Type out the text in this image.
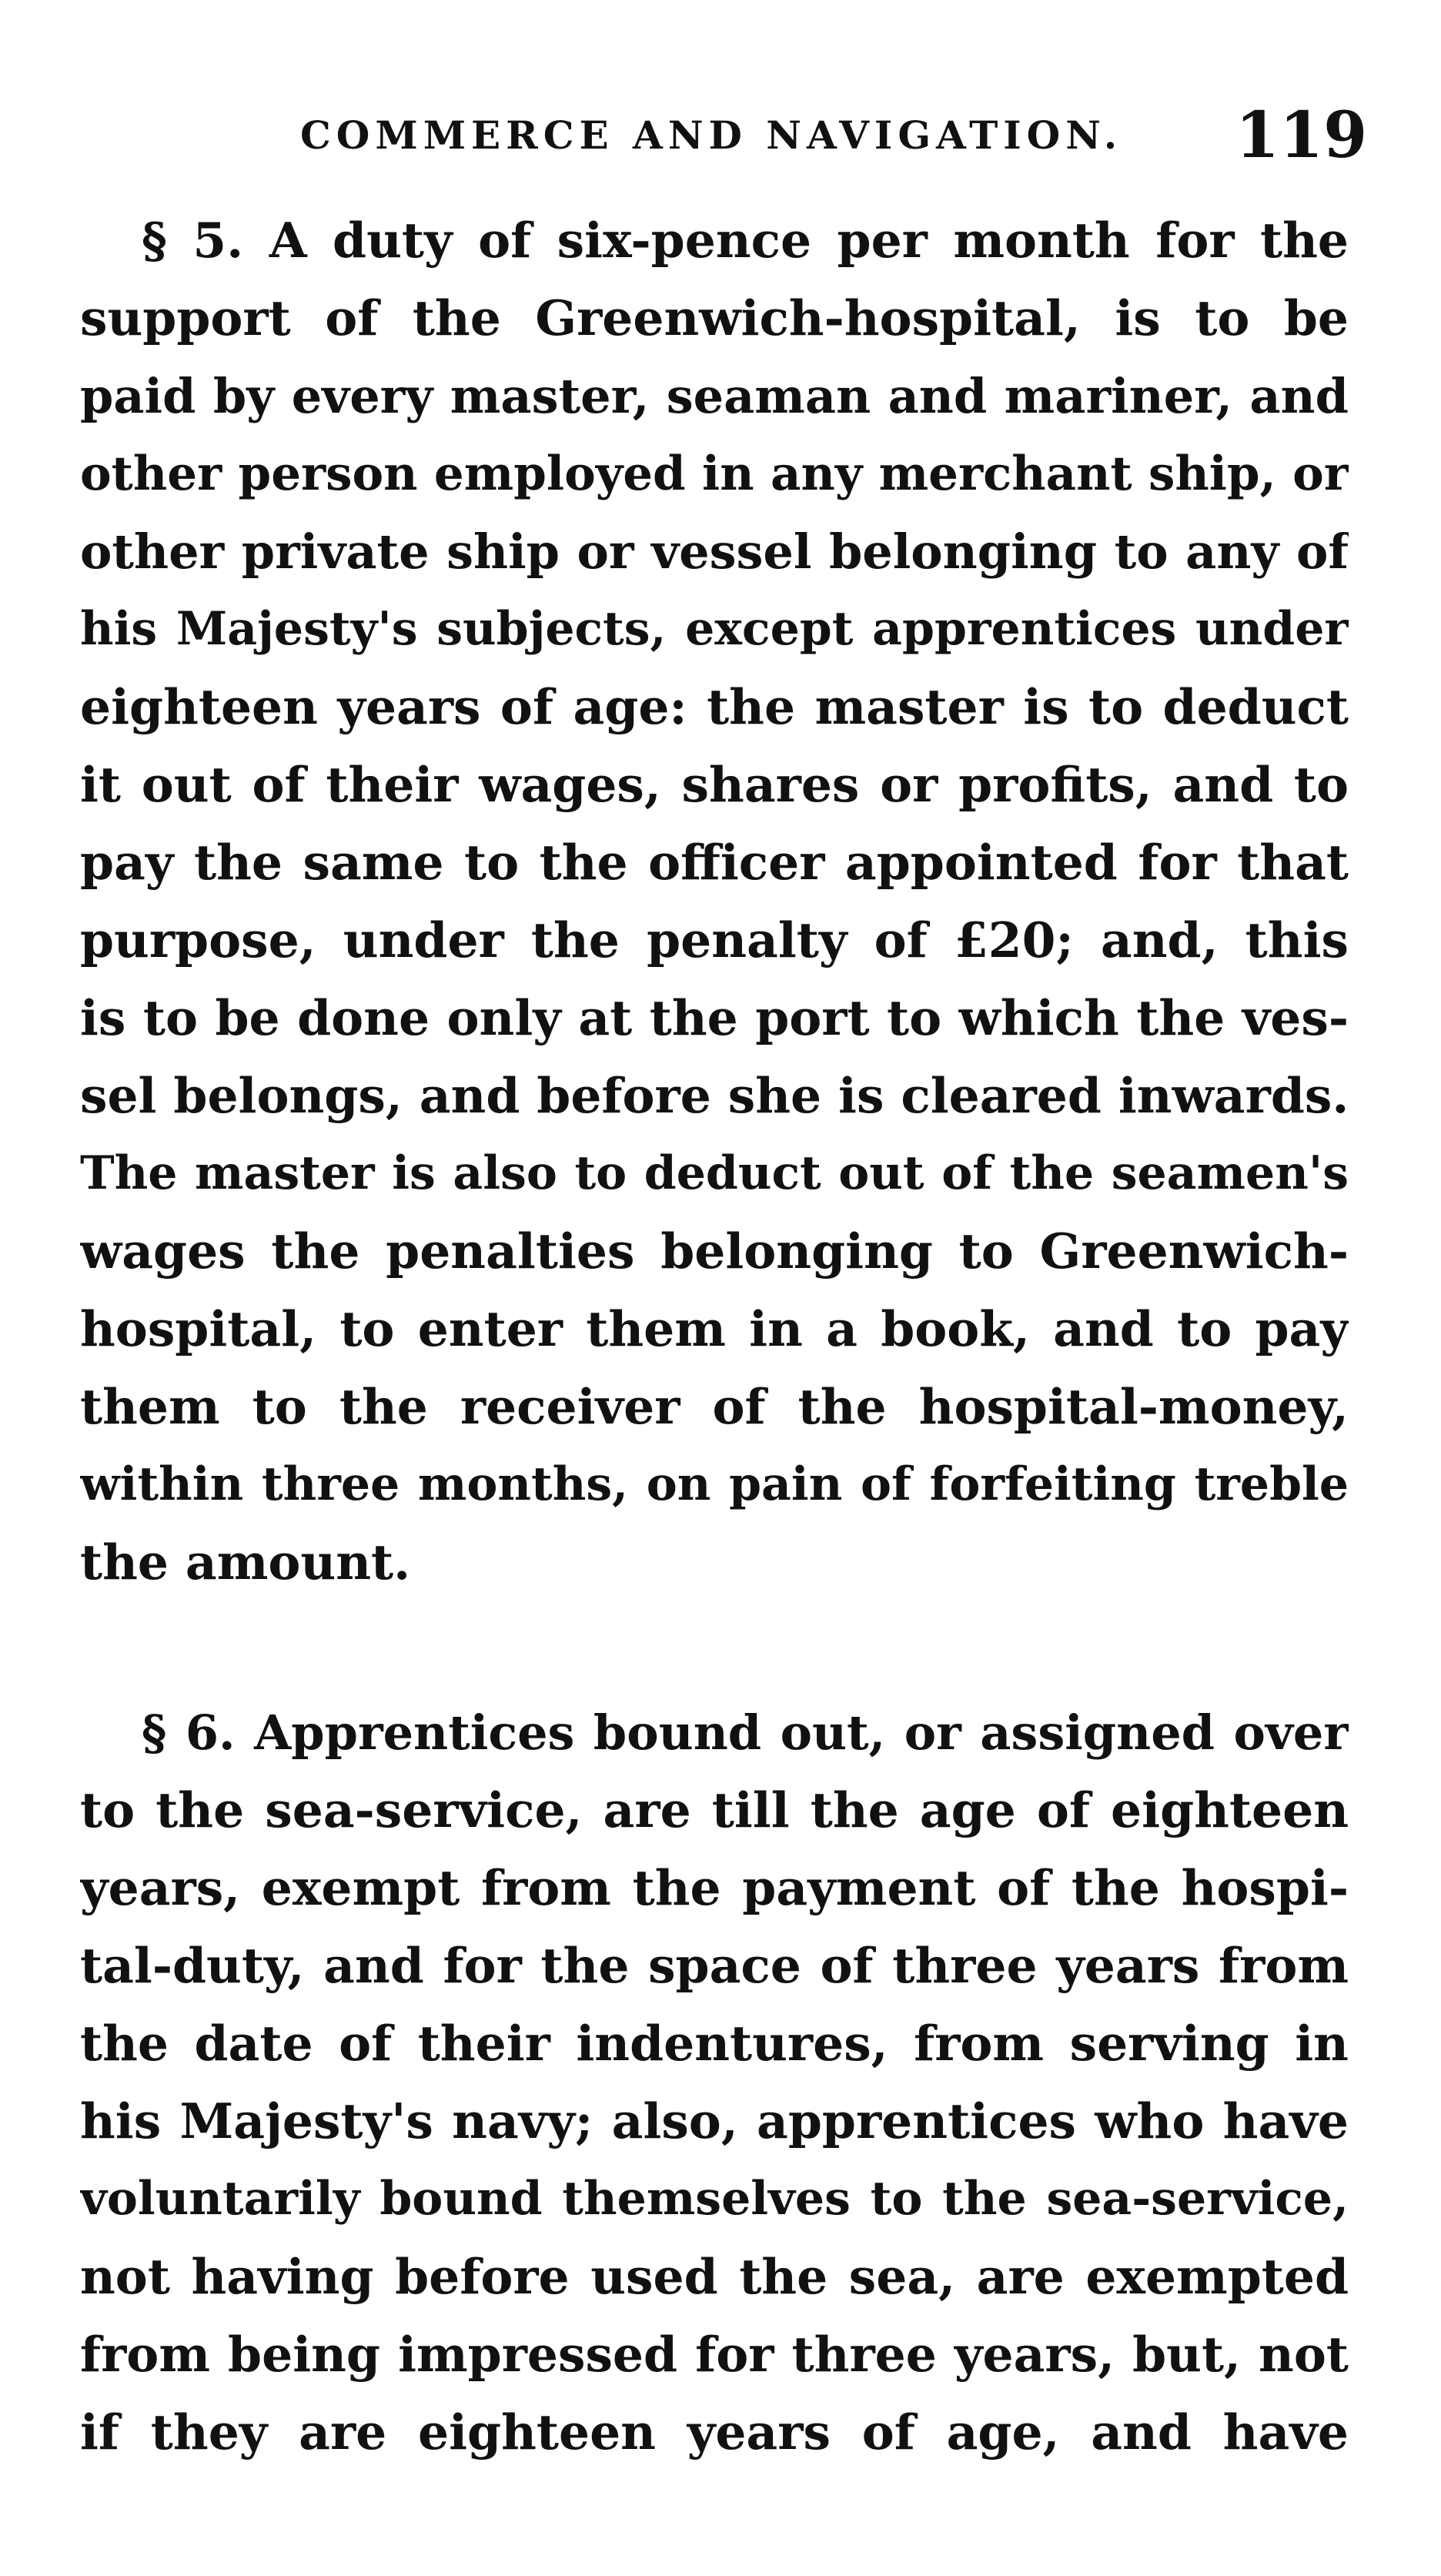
COMMERCE AND NAVIGATION. 119
§ 5. A duty of six-pence per month for the
support of the Greenwich-hospital, is to be
paid by every master, seaman and mariner, and
other person employed in any merchant ship, or
other private ship or vessel belonging to any of
his Majesty's subjects, except apprentices under
eighteen years of age: the master is to deduct
it out of their wages, shares or profits, and to
pay the same to the officer appointed for that
purpose, under the penalty of £20; and, this
is to be done only at the port to which the ves-
sel belongs, and before she is cleared inwards.
The master is also to deduct out of the seamen's
wages the penalties belonging to Greenwich-
hospital, to enter them in a book, and to pay
them to the receiver of the hospital-money,
within three months, on pain of forfeiting treble
the amount.
§ 6. Apprentices bound out, or assigned over
to the sea-service, are till the age of eighteen
years, exempt from the payment of the hospi-
tal-duty, and for the space of three years from
the date of their indentures, from serving in
his Majesty's navy; also, apprentices who have
voluntarily bound themselves to the sea-service,
not having before used the sea, are exempted
from being impressed for three years, but, not
if they are eighteen years of age, and have
